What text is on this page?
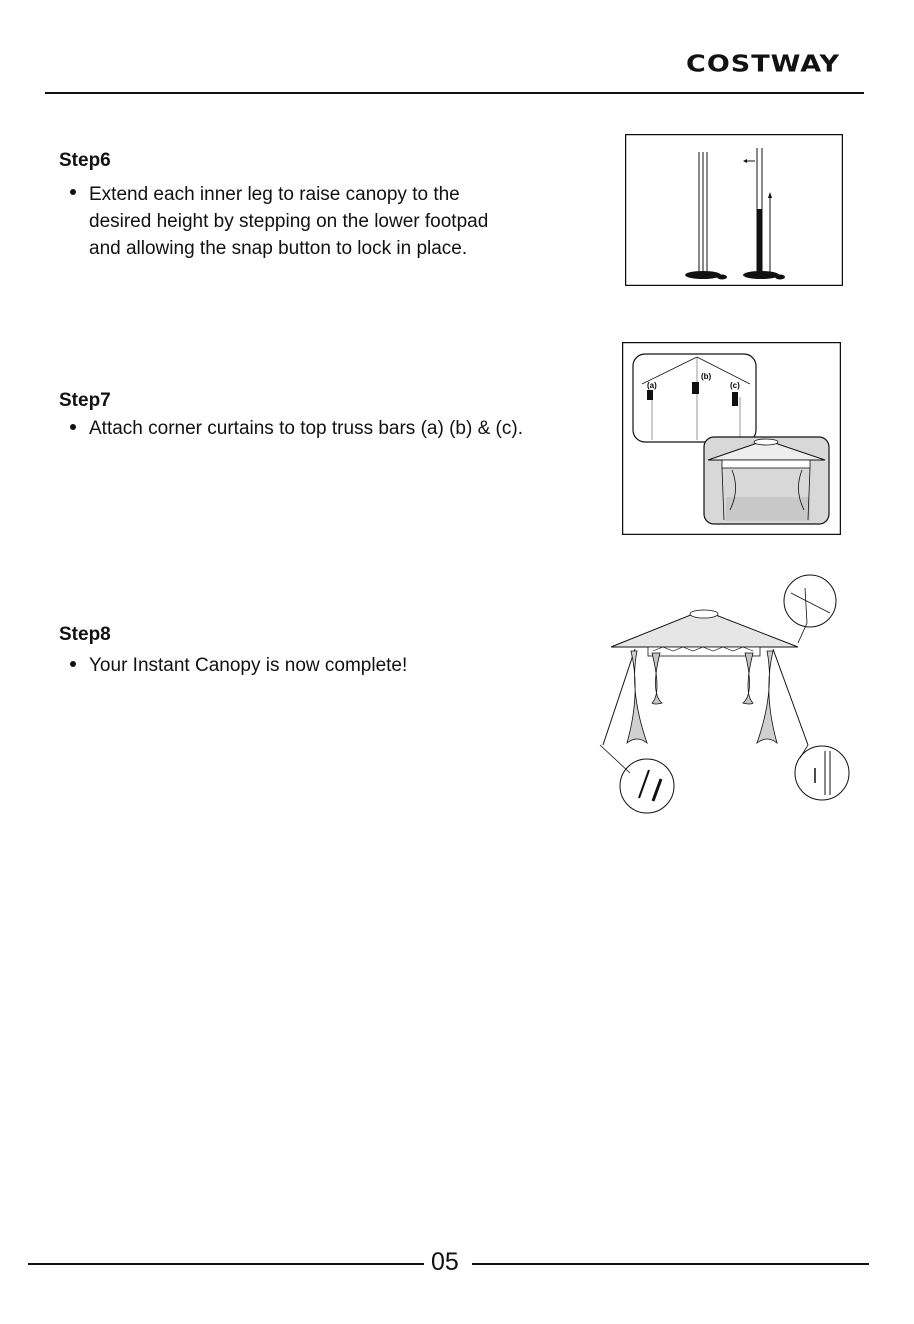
COSTWAY
Step6
Extend each inner leg to raise canopy to the
desired height by stepping on the lower footpad
and allowing the snap button to lock in place.
Step7
Attach corner curtains to top truss bars (a) (b) & (c).
(a)
(b)
(c)
Step8
Your Instant Canopy is now complete!
05
